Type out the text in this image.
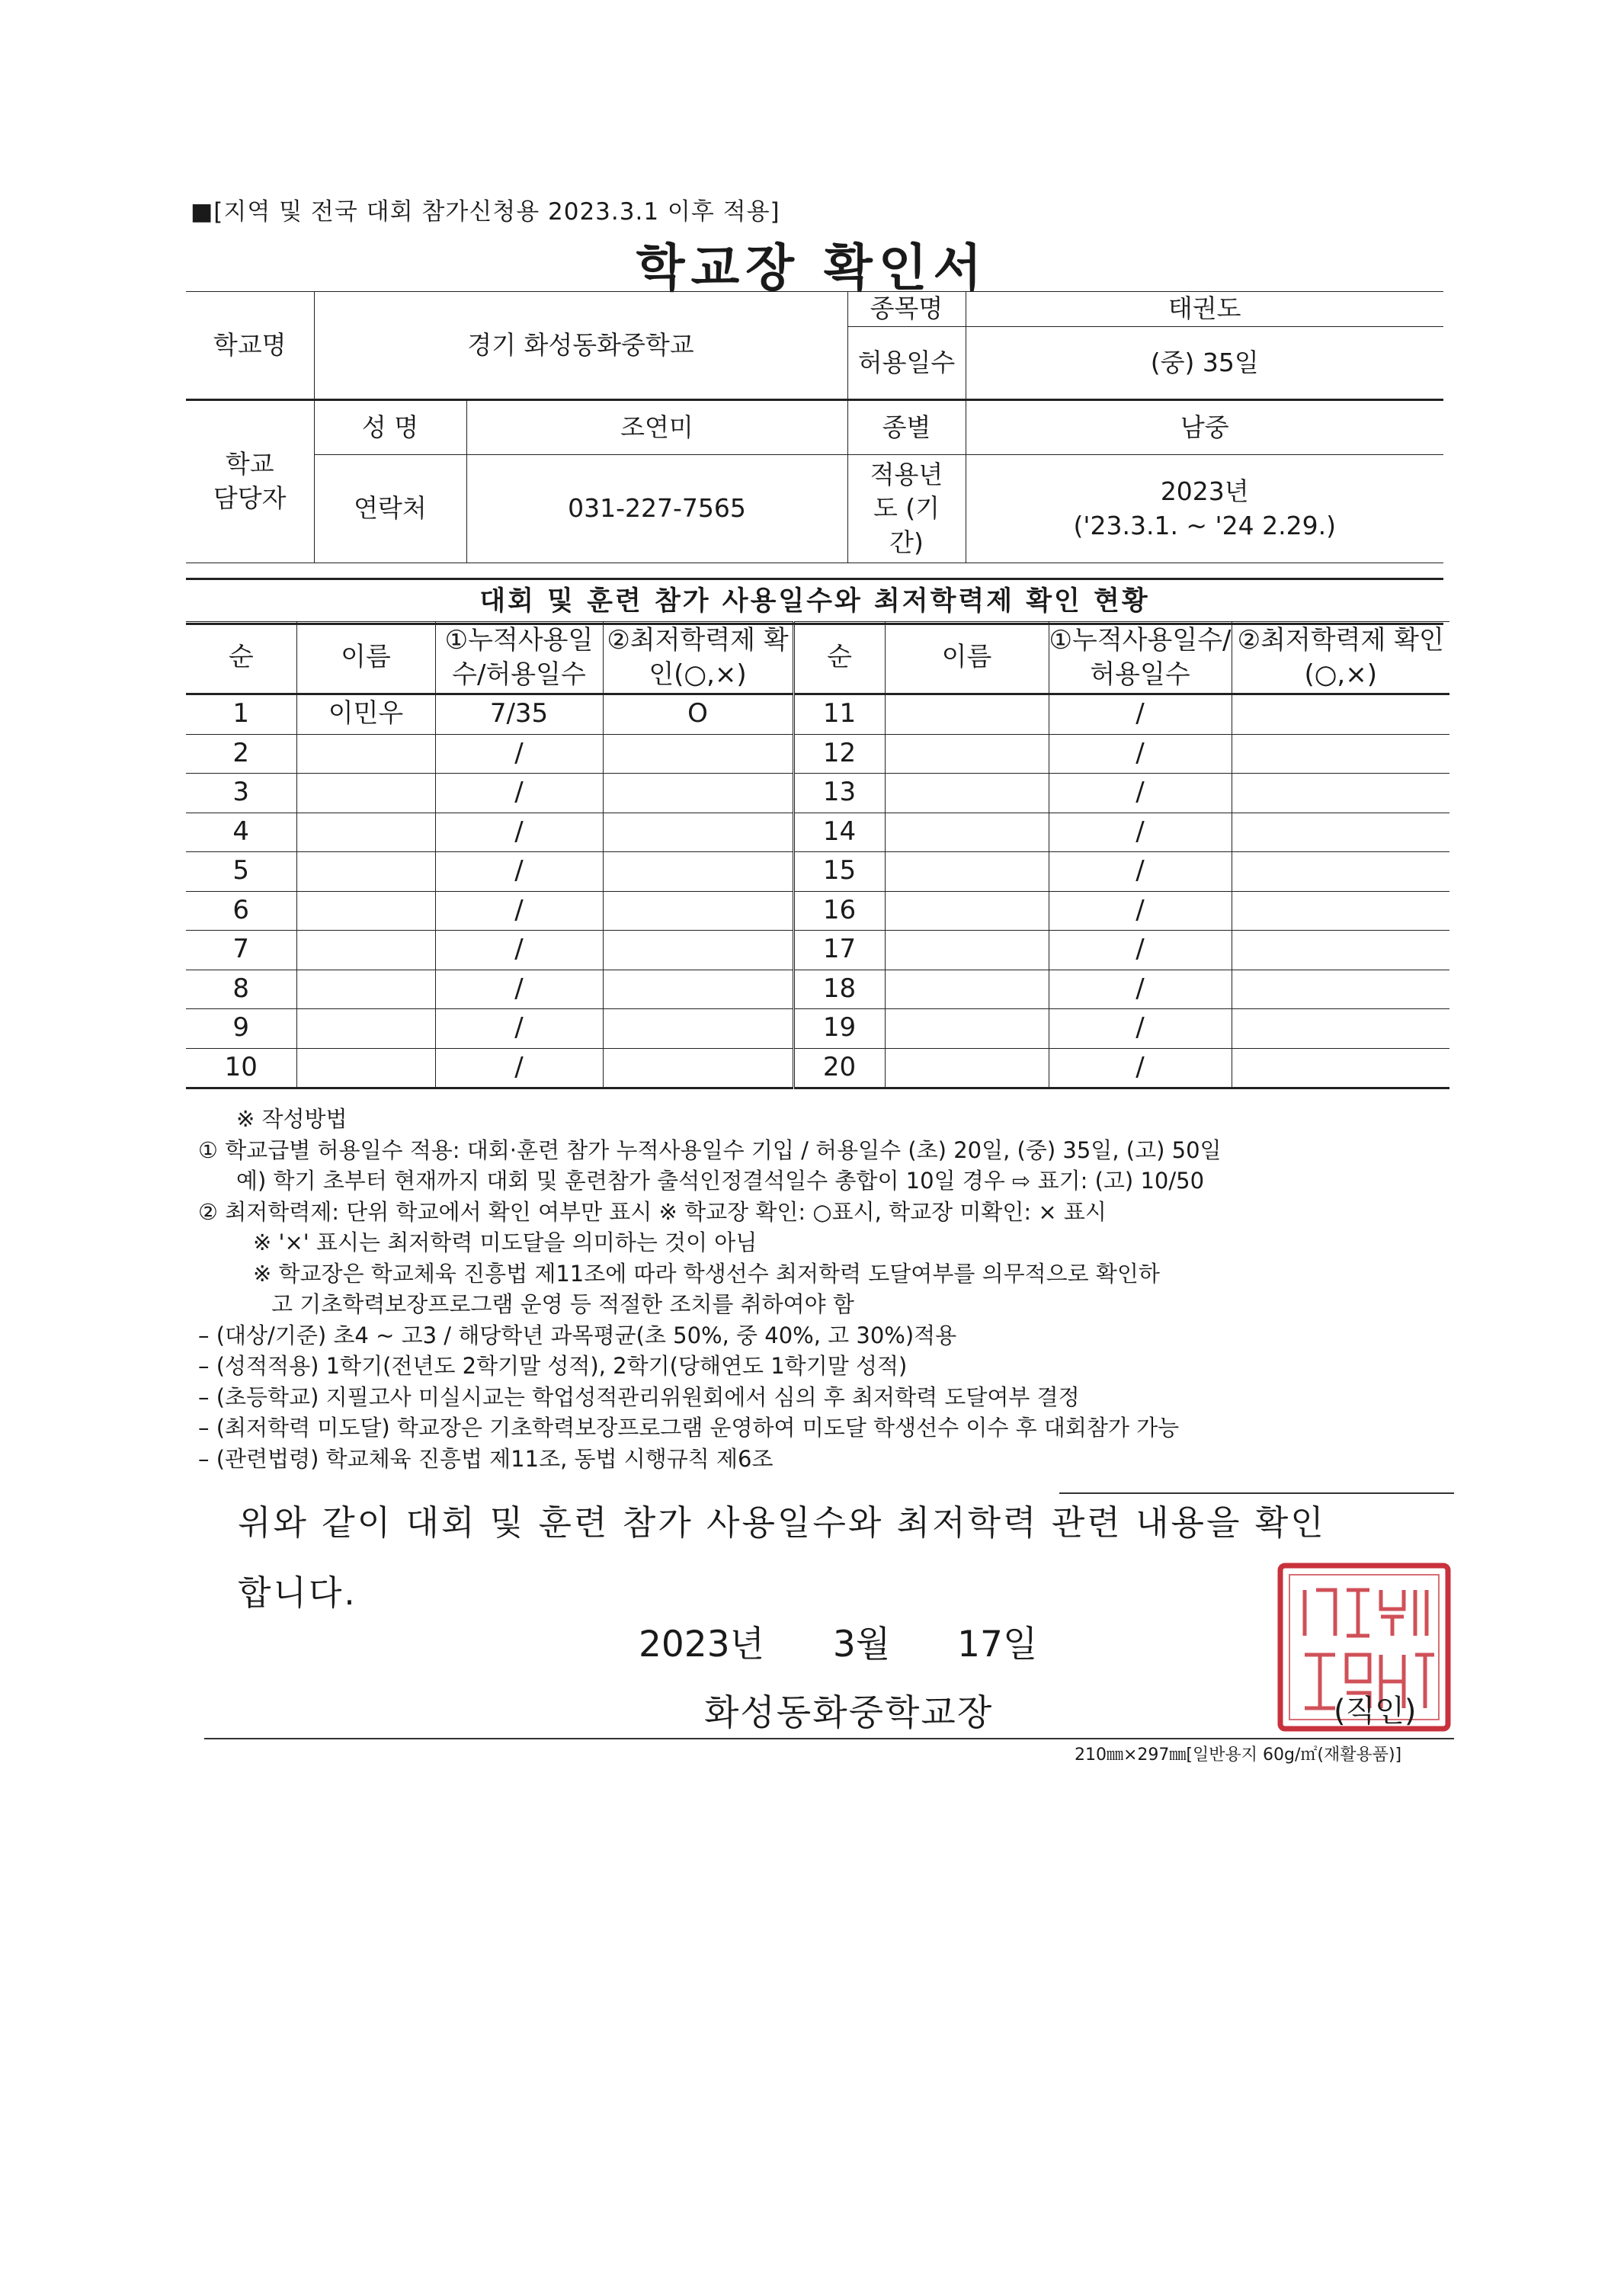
■[지역 및 전국 대회 참가신청용 2023.3.1 이후 적용]
학교장 확인서
학교명	경기 화성동화중학교		종목명	태권도
			허용일수	(중) 35일
학교 담당자	성 명	조연미	종별	남중
	연락처	031-227-7565	적용년도 (기간)	2023년
('23.3.1. ~ '24 2.29.)
대회 및 훈련 참가 사용일수와 최저학력제 확인 현황
순	이름	①누적사용일수/허용일수	②최저학력제 확인(○,×)	순	이름	①누적사용일수/허용일수	②최저학력제 확인(○,×)
1	이민우	7/35	O	11		/	
2		/		12		/	
3		/		13		/	
4		/		14		/	
5		/		15		/	
6		/		16		/	
7		/		17		/	
8		/		18		/	
9		/		19		/	
10		/		20		/	
※ 작성방법
① 학교급별 허용일수 적용: 대회·훈련 참가 누적사용일수 기입 / 허용일수 (초) 20일, (중) 35일, (고) 50일
예) 학기 초부터 현재까지 대회 및 훈련참가 출석인정결석일수 총합이 10일 경우 ⇨ 표기: (고) 10/50
② 최저학력제: 단위 학교에서 확인 여부만 표시 ※ 학교장 확인: ○표시, 학교장 미확인: × 표시
※ '×' 표시는 최저학력 미도달을 의미하는 것이 아님
※ 학교장은 학교체육 진흥법 제11조에 따라 학생선수 최저학력 도달여부를 의무적으로 확인하
고 기초학력보장프로그램 운영 등 적절한 조치를 취하여야 함
– (대상/기준) 초4 ~ 고3 / 해당학년 과목평균(초 50%, 중 40%, 고 30%)적용
– (성적적용) 1학기(전년도 2학기말 성적), 2학기(당해연도 1학기말 성적)
– (초등학교) 지필고사 미실시교는 학업성적관리위원회에서 심의 후 최저학력 도달여부 결정
– (최저학력 미도달) 학교장은 기초학력보장프로그램 운영하여 미도달 학생선수 이수 후 대회참가 가능
– (관련법령) 학교체육 진흥법 제11조, 동법 시행규칙 제6조
위와 같이 대회 및 훈련 참가 사용일수와 최저학력 관련 내용을 확인
합니다.
2023년 3월 17일
화성동화중학교장	(직인)
210㎜×297㎜[일반용지 60g/㎡(재활용품)]
